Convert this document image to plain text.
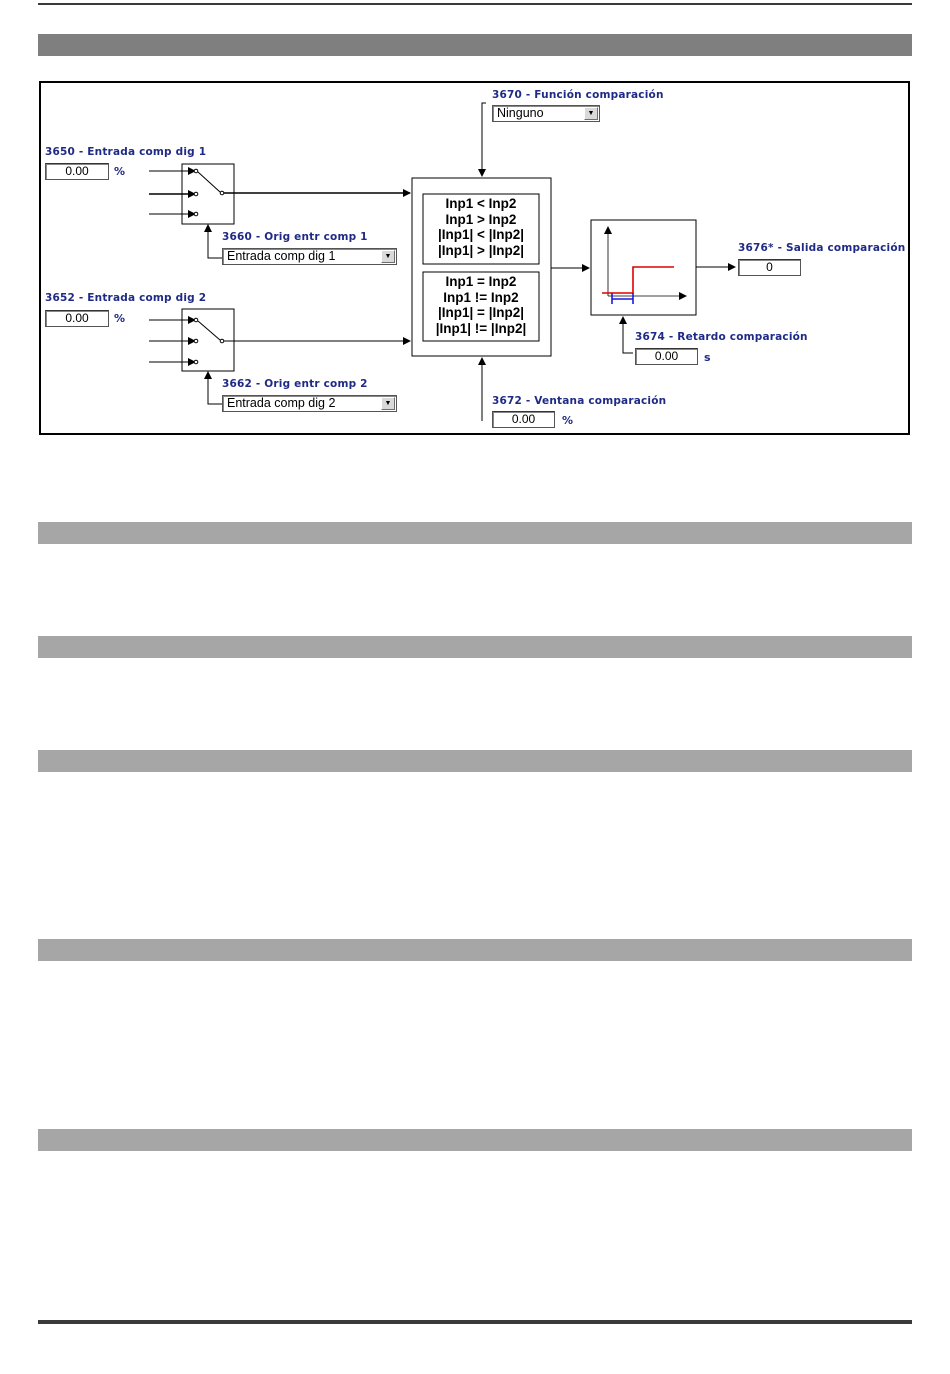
3650 - Entrada comp dig 1
0.00	%
3660 - Orig entr comp 1
Entrada comp dig 1	▼
3652 - Entrada comp dig 2
0.00	%
3662 - Orig entr comp 2
Entrada comp dig 2	▼
3670 - Función comparación
Ninguno	▼
Inp1 < Inp2
Inp1 > Inp2
|Inp1| < |Inp2|
|Inp1| > |Inp2|
Inp1 = Inp2
Inp1 != Inp2
|Inp1| = |Inp2|
|Inp1| != |Inp2|
3672 - Ventana comparación
0.00	%
3674 - Retardo comparación
0.00	s
3676* - Salida comparación
0
